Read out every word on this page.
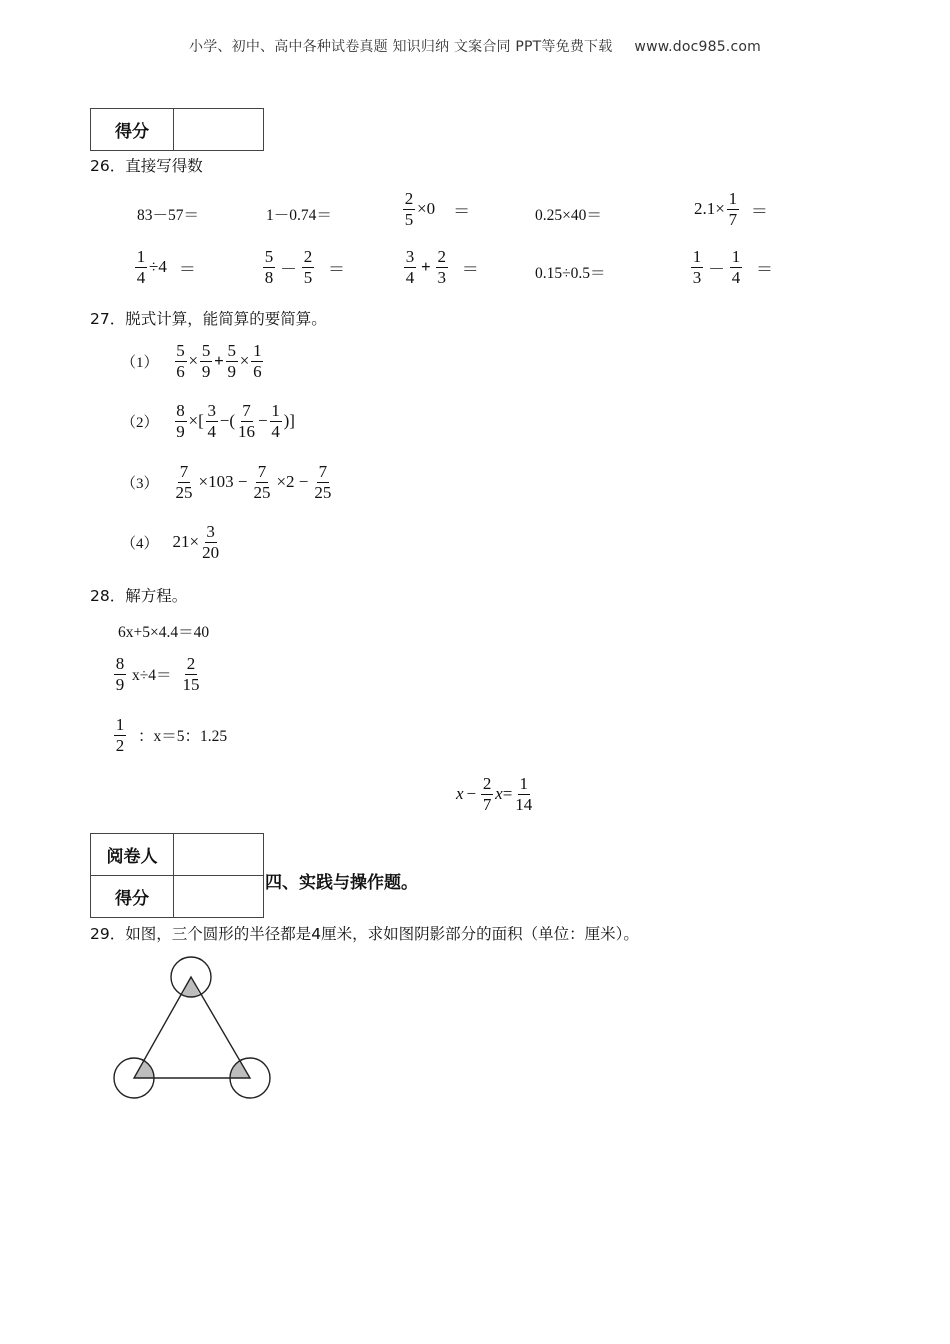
小学、初中、高中各种试卷真题 知识归纳 文案合同 PPT等免费下载 www.doc985.com
得分	
26．直接写得数
83－57＝	1－0.74＝	$\frac{2}{5} \times 0$ ＝	0.25×40＝	$2.1\times \frac{1}{7}$ ＝
$\frac{1}{4} \div 4$ ＝	$\frac{5}{8} - \frac{2}{5}$ ＝	$\frac{3}{4} + \frac{2}{3}$ ＝	0.15÷0.5＝	$\frac{1}{3} - \frac{1}{4}$ ＝
27．脱式计算，能简算的要简算。
$(1) \frac{5}{6} \times \frac{5}{9} + \frac{5}{9} \times \frac{1}{6}$
$(2) \frac{8}{9}$ ×[ $\frac{3}{4}$ −( $\frac{7}{16} - \frac{1}{4}$ )]
$(3) \frac{7}{25} \times 103 - \frac{7}{25} \times 2 - \frac{7}{25}$
（4） $21\times \frac{3}{20}$
28．解方程。
6x+5×4.4＝40
$\frac{8}{9} x\div 4= \frac{2}{15}$
$\frac{1}{2}$ ：x＝5：1.25
$x - \frac{2}{7}$ $x = \frac{1}{14}$
阅卷人	
得分	
四、实践与操作题。
29．如图，三个圆形的半径都是4厘米，求如图阴影部分的面积（单位：厘米）。
